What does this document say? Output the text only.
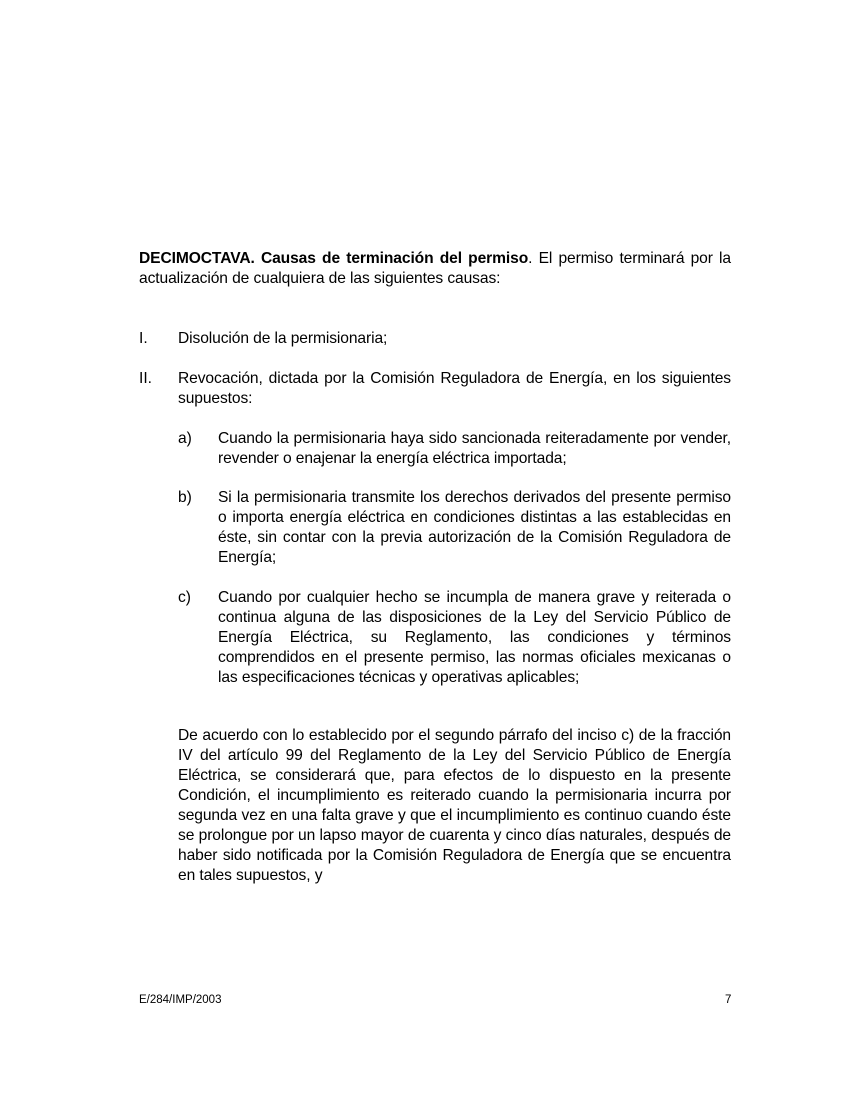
DECIMOCTAVA. Causas de terminación del permiso. El permiso terminará por la actualización de cualquiera de las siguientes causas:

I. Disolución de la permisionaria;

II. Revocación, dictada por la Comisión Reguladora de Energía, en los siguientes supuestos:

a) Cuando la permisionaria haya sido sancionada reiteradamente por vender, revender o enajenar la energía eléctrica importada;

b) Si la permisionaria transmite los derechos derivados del presente permiso o importa energía eléctrica en condiciones distintas a las establecidas en éste, sin contar con la previa autorización de la Comisión Reguladora de Energía;

c) Cuando por cualquier hecho se incumpla de manera grave y reiterada o continua alguna de las disposiciones de la Ley del Servicio Público de Energía Eléctrica, su Reglamento, las condiciones y términos comprendidos en el presente permiso, las normas oficiales mexicanas o las especificaciones técnicas y operativas aplicables;

De acuerdo con lo establecido por el segundo párrafo del inciso c) de la fracción IV del artículo 99 del Reglamento de la Ley del Servicio Público de Energía Eléctrica, se considerará que, para efectos de lo dispuesto en la presente Condición, el incumplimiento es reiterado cuando la permisionaria incurra por segunda vez en una falta grave y que el incumplimiento es continuo cuando éste se prolongue por un lapso mayor de cuarenta y cinco días naturales, después de haber sido notificada por la Comisión Reguladora de Energía que se encuentra en tales supuestos, y

E/284/IMP/2003	7
